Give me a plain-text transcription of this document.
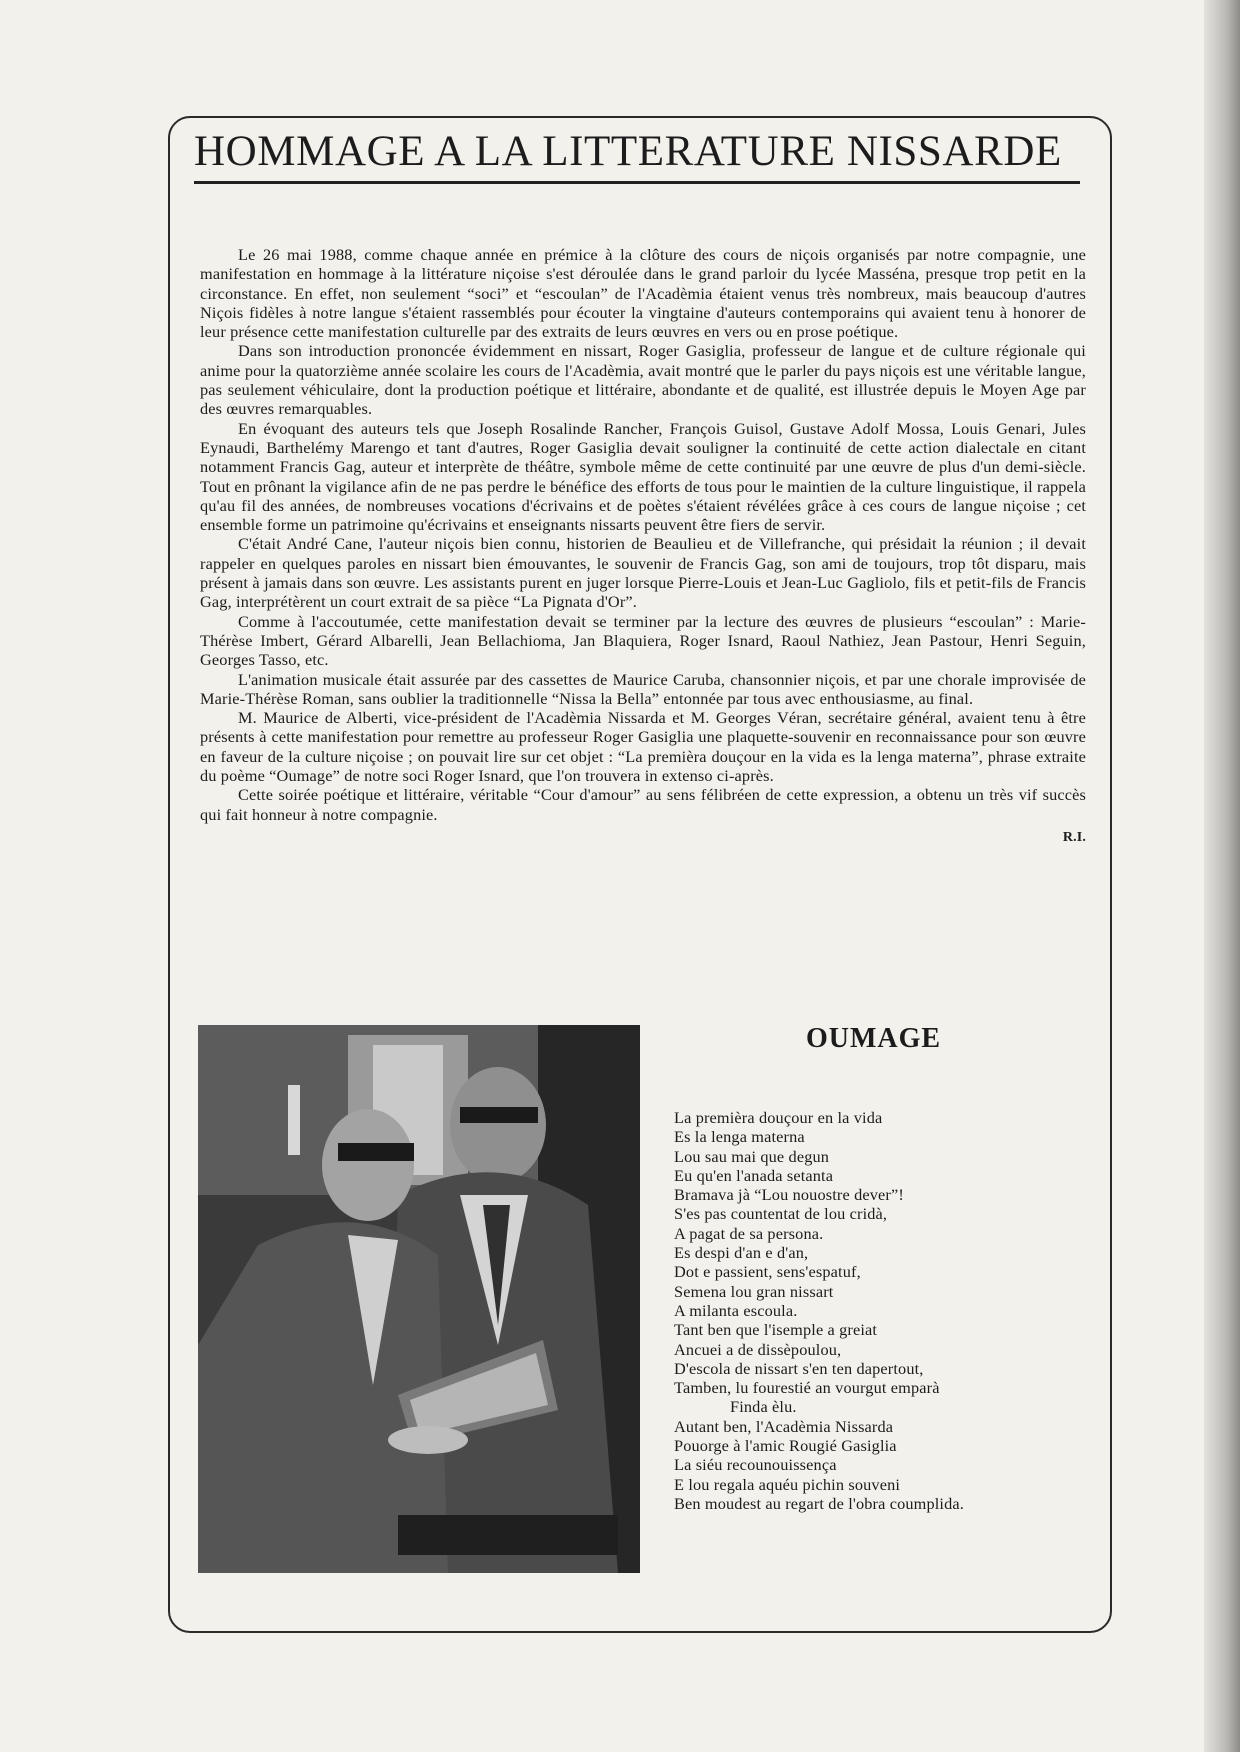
HOMMAGE A LA LITTERATURE NISSARDE

Le 26 mai 1988, comme chaque année en prémice à la clôture des cours de niçois organisés par notre compagnie, une manifestation en hommage à la littérature niçoise s'est déroulée dans le grand parloir du lycée Masséna, presque trop petit en la circonstance. En effet, non seulement “soci” et “escoulan” de l'Acadèmia étaient venus très nombreux, mais beaucoup d'autres Niçois fidèles à notre langue s'étaient rassemblés pour écouter la vingtaine d'auteurs contemporains qui avaient tenu à honorer de leur présence cette manifestation culturelle par des extraits de leurs œuvres en vers ou en prose poétique.

Dans son introduction prononcée évidemment en nissart, Roger Gasiglia, professeur de langue et de culture régionale qui anime pour la quatorzième année scolaire les cours de l'Acadèmia, avait montré que le parler du pays niçois est une véritable langue, pas seulement véhiculaire, dont la production poétique et littéraire, abondante et de qualité, est illustrée depuis le Moyen Age par des œuvres remarquables.

En évoquant des auteurs tels que Joseph Rosalinde Rancher, François Guisol, Gustave Adolf Mossa, Louis Genari, Jules Eynaudi, Barthelémy Marengo et tant d'autres, Roger Gasiglia devait souligner la continuité de cette action dialectale en citant notamment Francis Gag, auteur et interprète de théâtre, symbole même de cette continuité par une œuvre de plus d'un demi-siècle. Tout en prônant la vigilance afin de ne pas perdre le bénéfice des efforts de tous pour le maintien de la culture linguistique, il rappela qu'au fil des années, de nombreuses vocations d'écrivains et de poètes s'étaient révélées grâce à ces cours de langue niçoise ; cet ensemble forme un patrimoine qu'écrivains et enseignants nissarts peuvent être fiers de servir.

C'était André Cane, l'auteur niçois bien connu, historien de Beaulieu et de Villefranche, qui présidait la réunion ; il devait rappeler en quelques paroles en nissart bien émouvantes, le souvenir de Francis Gag, son ami de toujours, trop tôt disparu, mais présent à jamais dans son œuvre. Les assistants purent en juger lorsque Pierre-Louis et Jean-Luc Gagliolo, fils et petit-fils de Francis Gag, interprétèrent un court extrait de sa pièce “La Pignata d'Or”.

Comme à l'accoutumée, cette manifestation devait se terminer par la lecture des œuvres de plusieurs “escoulan” : Marie-Thérèse Imbert, Gérard Albarelli, Jean Bellachioma, Jan Blaquiera, Roger Isnard, Raoul Nathiez, Jean Pastour, Henri Seguin, Georges Tasso, etc.

L'animation musicale était assurée par des cassettes de Maurice Caruba, chansonnier niçois, et par une chorale improvisée de Marie-Thérèse Roman, sans oublier la traditionnelle “Nissa la Bella” entonnée par tous avec enthousiasme, au final.

M. Maurice de Alberti, vice-président de l'Acadèmia Nissarda et M. Georges Véran, secrétaire général, avaient tenu à être présents à cette manifestation pour remettre au professeur Roger Gasiglia une plaquette-souvenir en reconnaissance pour son œuvre en faveur de la culture niçoise ; on pouvait lire sur cet objet : “La premièra douçour en la vida es la lenga materna”, phrase extraite du poème “Oumage” de notre soci Roger Isnard, que l'on trouvera in extenso ci-après.

Cette soirée poétique et littéraire, véritable “Cour d'amour” au sens félibréen de cette expression, a obtenu un très vif succès qui fait honneur à notre compagnie.

R.I.

OUMAGE
La premièra douçour en la vida
Es la lenga materna
Lou sau mai que degun
Eu qu'en l'anada setanta
Bramava jà “Lou nouostre dever”!
S'es pas countentat de lou cridà,
A pagat de sa persona.
Es despi d'an e d'an,
Dot e passient, sens'espatuf,
Semena lou gran nissart
A milanta escoula.
Tant ben que l'isemple a greiat
Ancuei a de dissèpoulou,
D'escola de nissart s'en ten dapertout,
Tamben, lu fourestié an vourgut emparà
Finda èlu.
Autant ben, l'Acadèmia Nissarda
Pouorge à l'amic Rougié Gasiglia
La siéu recounouissença
E lou regala aquéu pichin souveni
Ben moudest au regart de l'obra coumplida.
